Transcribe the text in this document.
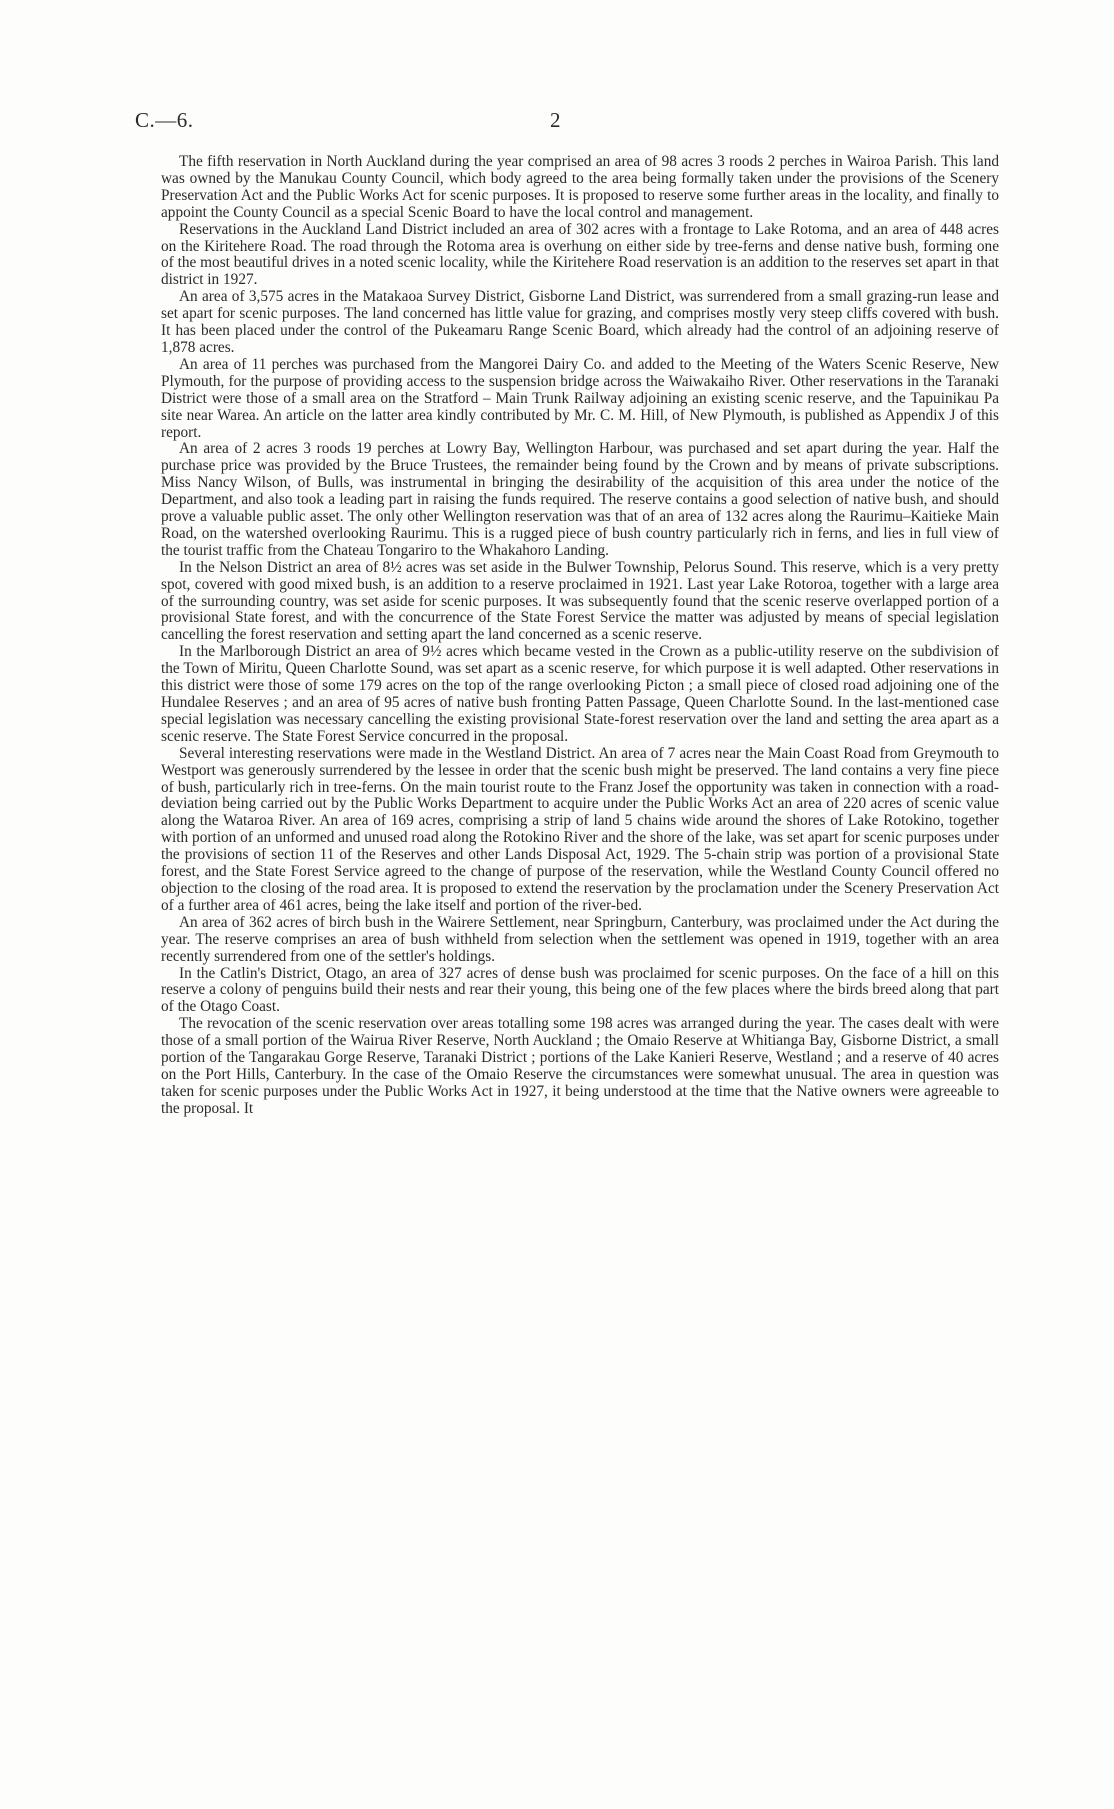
C.—6.	2

The fifth reservation in North Auckland during the year comprised an area of 98 acres 3 roods 2 perches in Wairoa Parish. This land was owned by the Manukau County Council, which body agreed to the area being formally taken under the provisions of the Scenery Preservation Act and the Public Works Act for scenic purposes. It is proposed to reserve some further areas in the locality, and finally to appoint the County Council as a special Scenic Board to have the local control and management.

Reservations in the Auckland Land District included an area of 302 acres with a frontage to Lake Rotoma, and an area of 448 acres on the Kiritehere Road. The road through the Rotoma area is overhung on either side by tree-ferns and dense native bush, forming one of the most beautiful drives in a noted scenic locality, while the Kiritehere Road reservation is an addition to the reserves set apart in that district in 1927.

An area of 3,575 acres in the Matakaoa Survey District, Gisborne Land District, was surrendered from a small grazing-run lease and set apart for scenic purposes. The land concerned has little value for grazing, and comprises mostly very steep cliffs covered with bush. It has been placed under the control of the Pukeamaru Range Scenic Board, which already had the control of an adjoining reserve of 1,878 acres.

An area of 11 perches was purchased from the Mangorei Dairy Co. and added to the Meeting of the Waters Scenic Reserve, New Plymouth, for the purpose of providing access to the suspension bridge across the Waiwakaiho River. Other reservations in the Taranaki District were those of a small area on the Stratford – Main Trunk Railway adjoining an existing scenic reserve, and the Tapuinikau Pa site near Warea. An article on the latter area kindly contributed by Mr. C. M. Hill, of New Plymouth, is published as Appendix J of this report.

An area of 2 acres 3 roods 19 perches at Lowry Bay, Wellington Harbour, was purchased and set apart during the year. Half the purchase price was provided by the Bruce Trustees, the remainder being found by the Crown and by means of private subscriptions. Miss Nancy Wilson, of Bulls, was instrumental in bringing the desirability of the acquisition of this area under the notice of the Department, and also took a leading part in raising the funds required. The reserve contains a good selection of native bush, and should prove a valuable public asset. The only other Wellington reservation was that of an area of 132 acres along the Raurimu–Kaitieke Main Road, on the watershed overlooking Raurimu. This is a rugged piece of bush country particularly rich in ferns, and lies in full view of the tourist traffic from the Chateau Tongariro to the Whakahoro Landing.

In the Nelson District an area of 8½ acres was set aside in the Bulwer Township, Pelorus Sound. This reserve, which is a very pretty spot, covered with good mixed bush, is an addition to a reserve proclaimed in 1921. Last year Lake Rotoroa, together with a large area of the surrounding country, was set aside for scenic purposes. It was subsequently found that the scenic reserve overlapped portion of a provisional State forest, and with the concurrence of the State Forest Service the matter was adjusted by means of special legislation cancelling the forest reservation and setting apart the land concerned as a scenic reserve.

In the Marlborough District an area of 9½ acres which became vested in the Crown as a public-utility reserve on the subdivision of the Town of Miritu, Queen Charlotte Sound, was set apart as a scenic reserve, for which purpose it is well adapted. Other reservations in this district were those of some 179 acres on the top of the range overlooking Picton ; a small piece of closed road adjoining one of the Hundalee Reserves ; and an area of 95 acres of native bush fronting Patten Passage, Queen Charlotte Sound. In the last-mentioned case special legislation was necessary cancelling the existing provisional State-forest reservation over the land and setting the area apart as a scenic reserve. The State Forest Service concurred in the proposal.

Several interesting reservations were made in the Westland District. An area of 7 acres near the Main Coast Road from Greymouth to Westport was generously surrendered by the lessee in order that the scenic bush might be preserved. The land contains a very fine piece of bush, particularly rich in tree-ferns. On the main tourist route to the Franz Josef the opportunity was taken in connection with a road-deviation being carried out by the Public Works Department to acquire under the Public Works Act an area of 220 acres of scenic value along the Wataroa River. An area of 169 acres, comprising a strip of land 5 chains wide around the shores of Lake Rotokino, together with portion of an unformed and unused road along the Rotokino River and the shore of the lake, was set apart for scenic purposes under the provisions of section 11 of the Reserves and other Lands Disposal Act, 1929. The 5-chain strip was portion of a provisional State forest, and the State Forest Service agreed to the change of purpose of the reservation, while the Westland County Council offered no objection to the closing of the road area. It is proposed to extend the reservation by the proclamation under the Scenery Preservation Act of a further area of 461 acres, being the lake itself and portion of the river-bed.

An area of 362 acres of birch bush in the Wairere Settlement, near Springburn, Canterbury, was proclaimed under the Act during the year. The reserve comprises an area of bush withheld from selection when the settlement was opened in 1919, together with an area recently surrendered from one of the settler's holdings.

In the Catlin's District, Otago, an area of 327 acres of dense bush was proclaimed for scenic purposes. On the face of a hill on this reserve a colony of penguins build their nests and rear their young, this being one of the few places where the birds breed along that part of the Otago Coast.

The revocation of the scenic reservation over areas totalling some 198 acres was arranged during the year. The cases dealt with were those of a small portion of the Wairua River Reserve, North Auckland ; the Omaio Reserve at Whitianga Bay, Gisborne District, a small portion of the Tangarakau Gorge Reserve, Taranaki District ; portions of the Lake Kanieri Reserve, Westland ; and a reserve of 40 acres on the Port Hills, Canterbury. In the case of the Omaio Reserve the circumstances were somewhat unusual. The area in question was taken for scenic purposes under the Public Works Act in 1927, it being understood at the time that the Native owners were agreeable to the proposal. It
